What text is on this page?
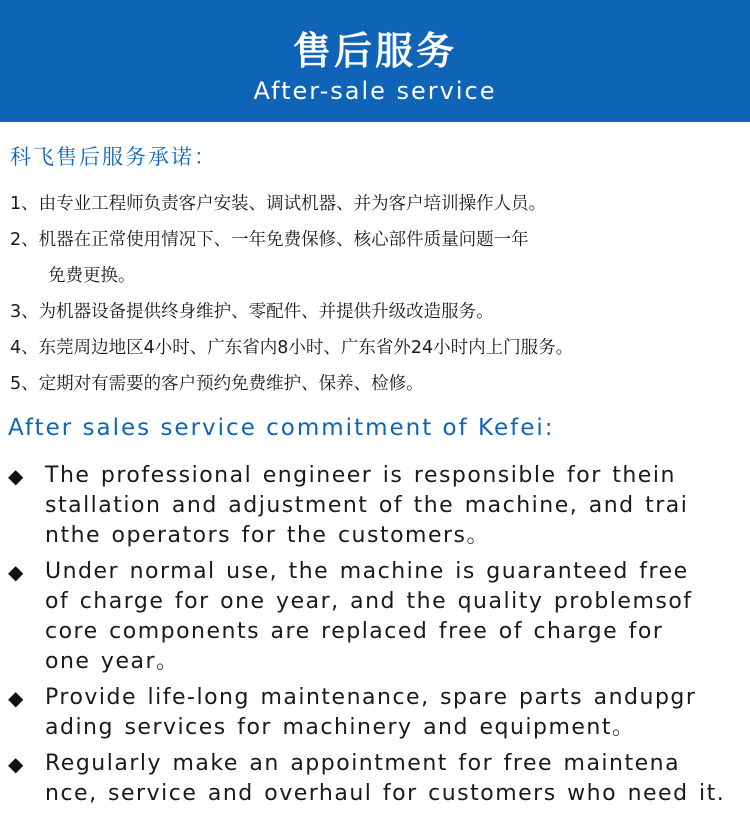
售后服务
After-sale service
科飞售后服务承诺：
1、由专业工程师负责客户安装、调试机器、并为客户培训操作人员。
2、机器在正常使用情况下、一年免费保修、核心部件质量问题一年
免费更换。
3、为机器设备提供终身维护、零配件、并提供升级改造服务。
4、东莞周边地区4小时、广东省内8小时、广东省外24小时内上门服务。
5、定期对有需要的客户预约免费维护、保养、检修。
After sales service commitment of Kefei:
◆ The professional engineer is responsible for thein
stallation and adjustment of the machine, and trai
nthe operators for the customers。
◆ Under normal use, the machine is guaranteed free
of charge for one year, and the quality problemsof
core components are replaced free of charge for
one year。
◆ Provide life-long maintenance, spare parts andupgr
ading services for machinery and equipment。
◆ Regularly make an appointment for free maintena
nce, service and overhaul for customers who need it.
